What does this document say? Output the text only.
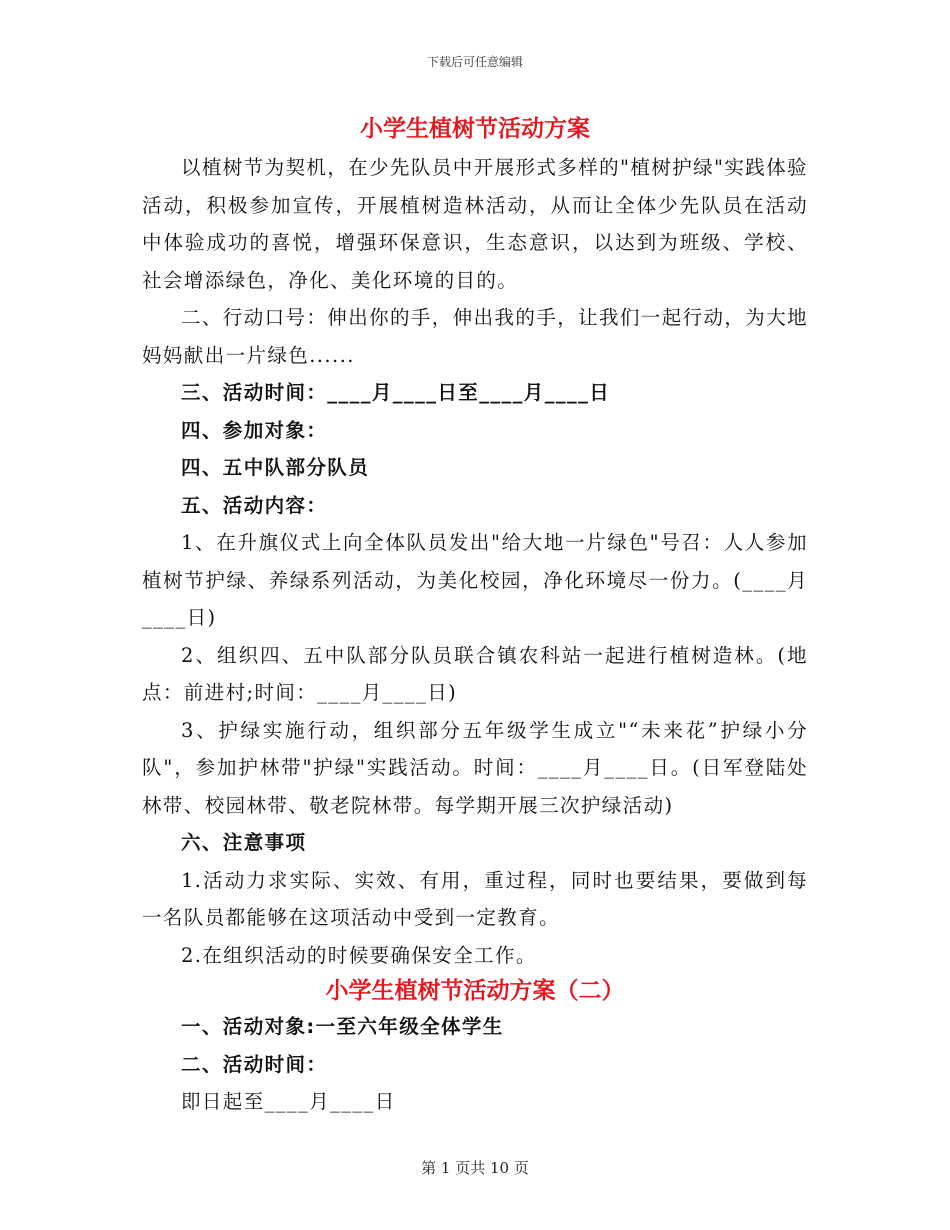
下载后可任意编辑
小学生植树节活动方案

以植树节为契机，在少先队员中开展形式多样的"植树护绿"实践体验活动，积极参加宣传，开展植树造林活动，从而让全体少先队员在活动中体验成功的喜悦，增强环保意识，生态意识，以达到为班级、学校、社会增添绿色，净化、美化环境的目的。

二、行动口号：伸出你的手，伸出我的手，让我们一起行动，为大地妈妈献出一片绿色......

三、活动时间：____月____日至____月____日

四、参加对象：

四、五中队部分队员

五、活动内容：

1、在升旗仪式上向全体队员发出"给大地一片绿色"号召：人人参加植树节护绿、养绿系列活动，为美化校园，净化环境尽一份力。(____月____日)

2、组织四、五中队部分队员联合镇农科站一起进行植树造林。(地点：前进村;时间：____月____日)

3、护绿实施行动，组织部分五年级学生成立"“未来花”护绿小分队"，参加护林带"护绿"实践活动。时间：____月____日。(日军登陆处林带、校园林带、敬老院林带。每学期开展三次护绿活动)

六、注意事项

1.活动力求实际、实效、有用，重过程，同时也要结果，要做到每一名队员都能够在这项活动中受到一定教育。

2.在组织活动的时候要确保安全工作。

小学生植树节活动方案（二）

一、活动对象:一至六年级全体学生

二、活动时间：

即日起至____月____日

第 1 页共 10 页
